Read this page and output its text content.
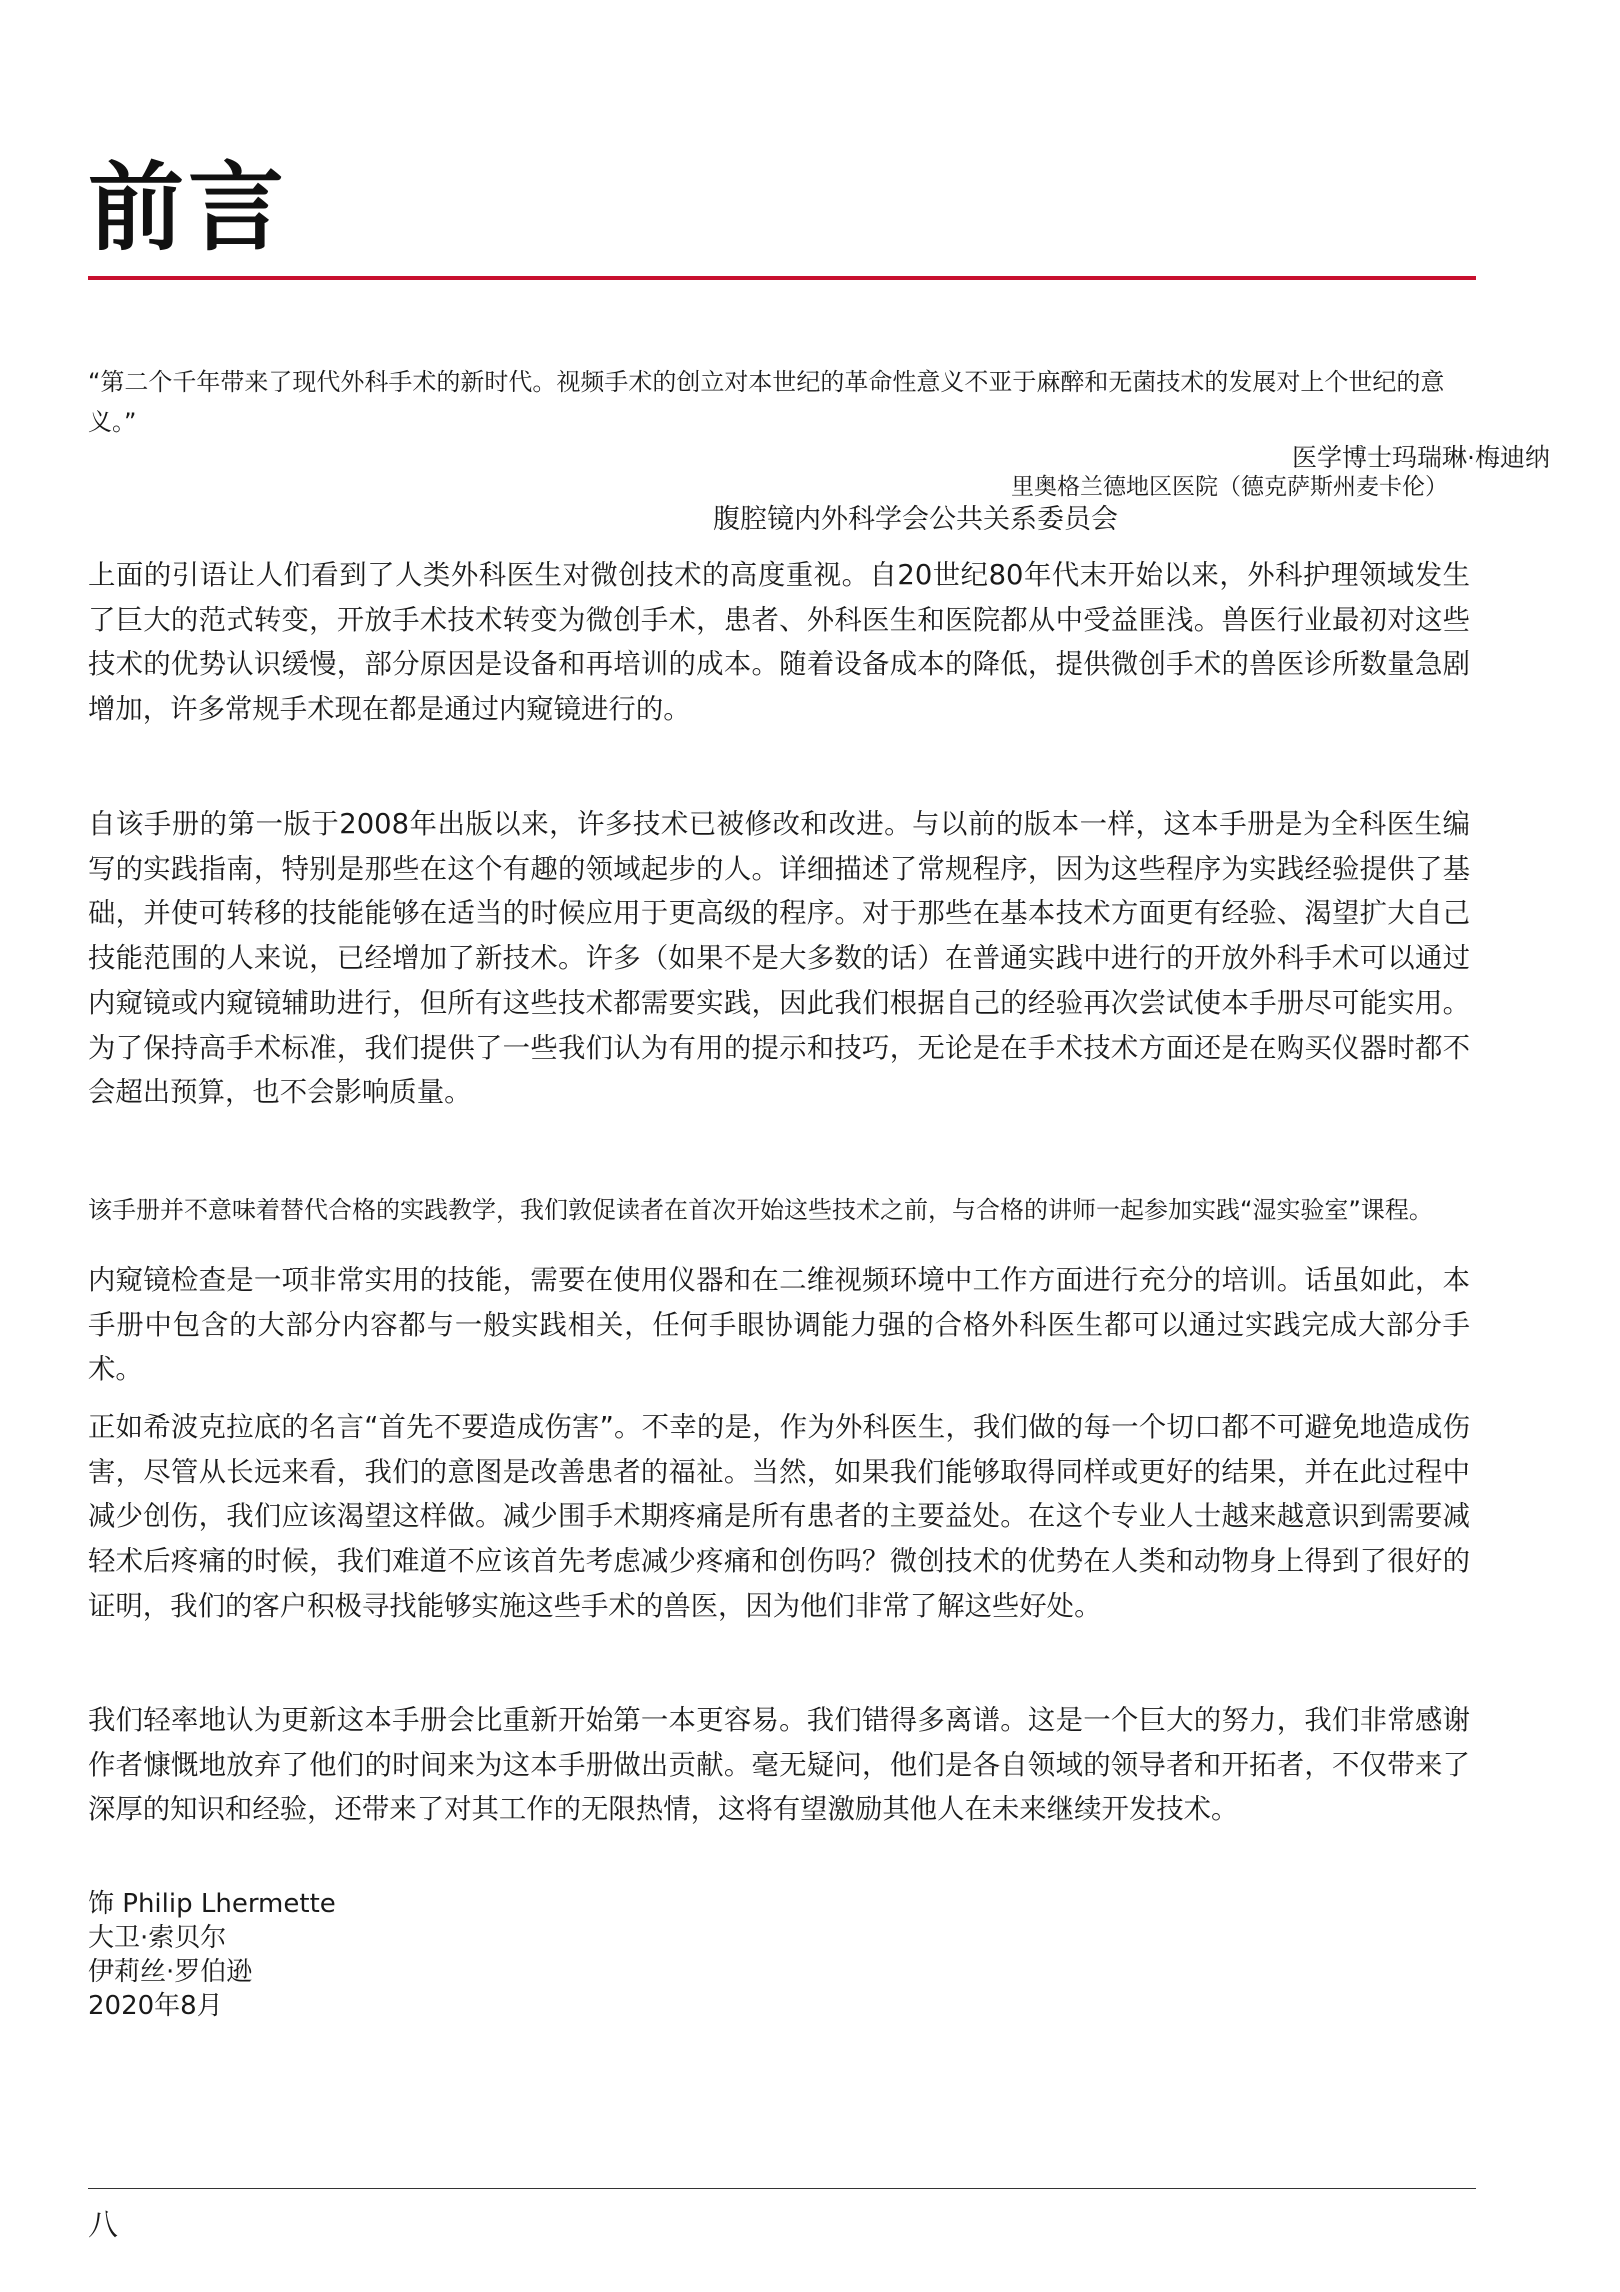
前言

“第二个千年带来了现代外科手术的新时代。视频手术的创立对本世纪的革命性意义不亚于麻醉和无菌技术的发展对上个世纪的意义。”

医学博士玛瑞琳·梅迪纳

里奥格兰德地区医院（德克萨斯州麦卡伦）

腹腔镜内外科学会公共关系委员会

上面的引语让人们看到了人类外科医生对微创技术的高度重视。自20世纪80年代末开始以来，外科护理领域发生了巨大的范式转变，开放手术技术转变为微创手术，患者、外科医生和医院都从中受益匪浅。兽医行业最初对这些技术的优势认识缓慢，部分原因是设备和再培训的成本。随着设备成本的降低，提供微创手术的兽医诊所数量急剧增加，许多常规手术现在都是通过内窥镜进行的。

自该手册的第一版于2008年出版以来，许多技术已被修改和改进。与以前的版本一样，这本手册是为全科医生编写的实践指南，特别是那些在这个有趣的领域起步的人。详细描述了常规程序，因为这些程序为实践经验提供了基础，并使可转移的技能能够在适当的时候应用于更高级的程序。对于那些在基本技术方面更有经验、渴望扩大自己技能范围的人来说，已经增加了新技术。许多（如果不是大多数的话）在普通实践中进行的开放外科手术可以通过内窥镜或内窥镜辅助进行，但所有这些技术都需要实践，因此我们根据自己的经验再次尝试使本手册尽可能实用。为了保持高手术标准，我们提供了一些我们认为有用的提示和技巧，无论是在手术技术方面还是在购买仪器时都不会超出预算，也不会影响质量。

该手册并不意味着替代合格的实践教学，我们敦促读者在首次开始这些技术之前，与合格的讲师一起参加实践“湿实验室”课程。

内窥镜检查是一项非常实用的技能，需要在使用仪器和在二维视频环境中工作方面进行充分的培训。话虽如此，本手册中包含的大部分内容都与一般实践相关，任何手眼协调能力强的合格外科医生都可以通过实践完成大部分手术。

正如希波克拉底的名言“首先不要造成伤害”。不幸的是，作为外科医生，我们做的每一个切口都不可避免地造成伤害，尽管从长远来看，我们的意图是改善患者的福祉。当然，如果我们能够取得同样或更好的结果，并在此过程中减少创伤，我们应该渴望这样做。减少围手术期疼痛是所有患者的主要益处。在这个专业人士越来越意识到需要减轻术后疼痛的时候，我们难道不应该首先考虑减少疼痛和创伤吗？微创技术的优势在人类和动物身上得到了很好的证明，我们的客户积极寻找能够实施这些手术的兽医，因为他们非常了解这些好处。

我们轻率地认为更新这本手册会比重新开始第一本更容易。我们错得多离谱。这是一个巨大的努力，我们非常感谢作者慷慨地放弃了他们的时间来为这本手册做出贡献。毫无疑问，他们是各自领域的领导者和开拓者，不仅带来了深厚的知识和经验，还带来了对其工作的无限热情，这将有望激励其他人在未来继续开发技术。

饰 Philip Lhermette
大卫·索贝尔
伊莉丝·罗伯逊
2020年8月
八
